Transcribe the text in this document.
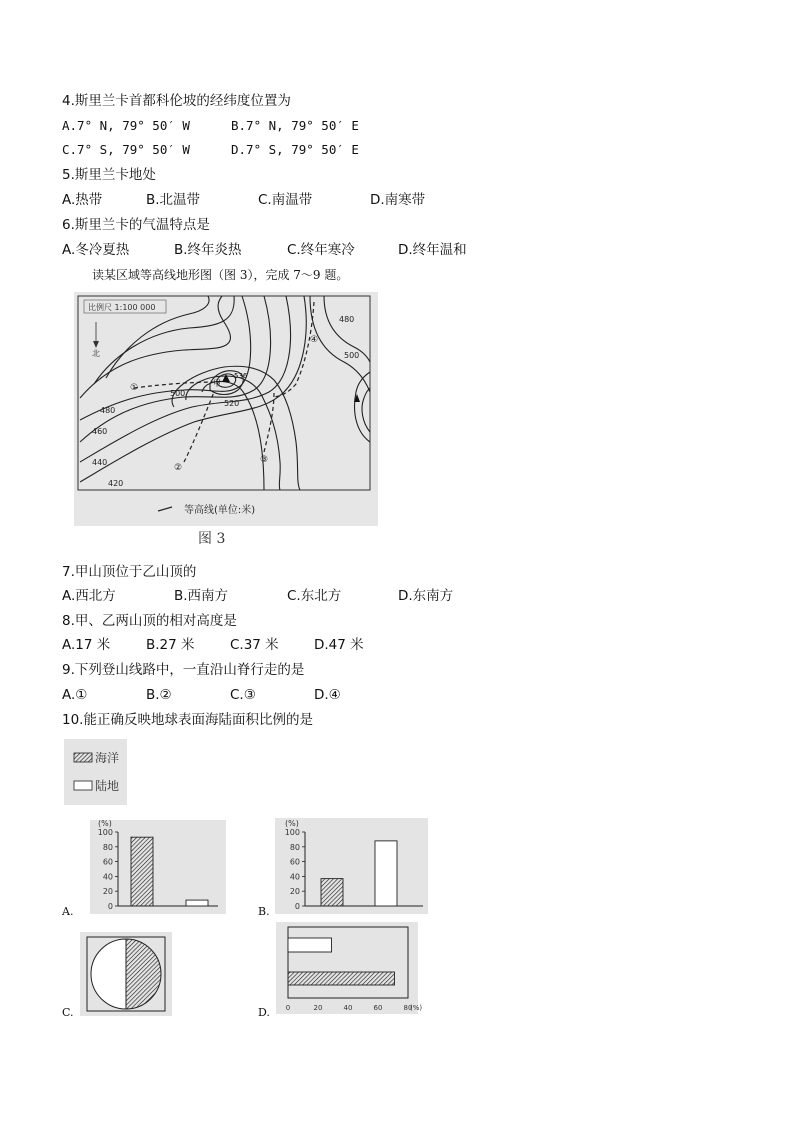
4.斯里兰卡首都科伦坡的经纬度位置为
A.7° N, 79° 50′ W	B.7° N, 79° 50′ E
C.7° S, 79° 50′ W	D.7° S, 79° 50′ E
5.斯里兰卡地处
A.热带	B.北温带	C.南温带	D.南寒带
6.斯里兰卡的气温特点是
A.冬冷夏热	B.终年炎热	C.终年寒冷	D.终年温和
读某区域等高线地形图（图 3），完成 7～9 题。
比例尺 1:100 000
北
①
②
③
④
480
460
440
420
500
520
480
500
甲
536
等高线(单位:米)
图 3
7.甲山顶位于乙山顶的
A.西北方	B.西南方	C.东北方	D.东南方
8.甲、乙两山顶的相对高度是
A.17 米	B.27 米	C.37 米	D.47 米
9.下列登山线路中，一直沿山脊行走的是
A.①	B.②	C.③	D.④
10.能正确反映地球表面海陆面积比例的是
海洋
陆地
A.
(%)
100
80
60
40
20
0	B.
(%)
100
80
60
40
20
0
C.	D. 0	20	40	60	80
(%)
